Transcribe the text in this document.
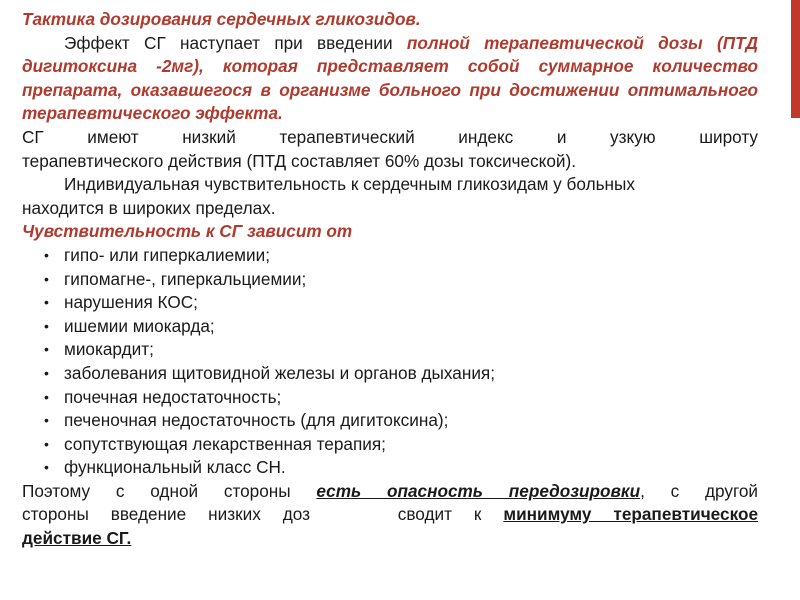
Тактика дозирования сердечных гликозидов.

Эффект СГ наступает при введении полной терапевтической дозы (ПТД дигитоксина -2мг), которая представляет собой суммарное количество препарата, оказавшегося в организме больного при достижении оптимального терапевтического эффекта.

СГ имеют низкий терапевтический индекс и узкую широту
терапевтического действия (ПТД составляет 60% дозы токсической).

Индивидуальная чувствительность к сердечным гликозидам у больных
находится в широких пределах.

Чувствительность к СГ зависит от

• гипо- или гиперкалиемии;
• гипомагне-, гиперкальциемии;
• нарушения КОС;
• ишемии миокарда;
• миокардит;
• заболевания щитовидной железы и органов дыхания;
• почечная недостаточность;
• печеночная недостаточность (для дигитоксина);
• сопутствующая лекарственная терапия;
• функциональный класс СН.

Поэтому с одной стороны есть опасность передозировки, с другой
стороны введение низких доз    сводит к минимуму терапевтическое
действие СГ.
